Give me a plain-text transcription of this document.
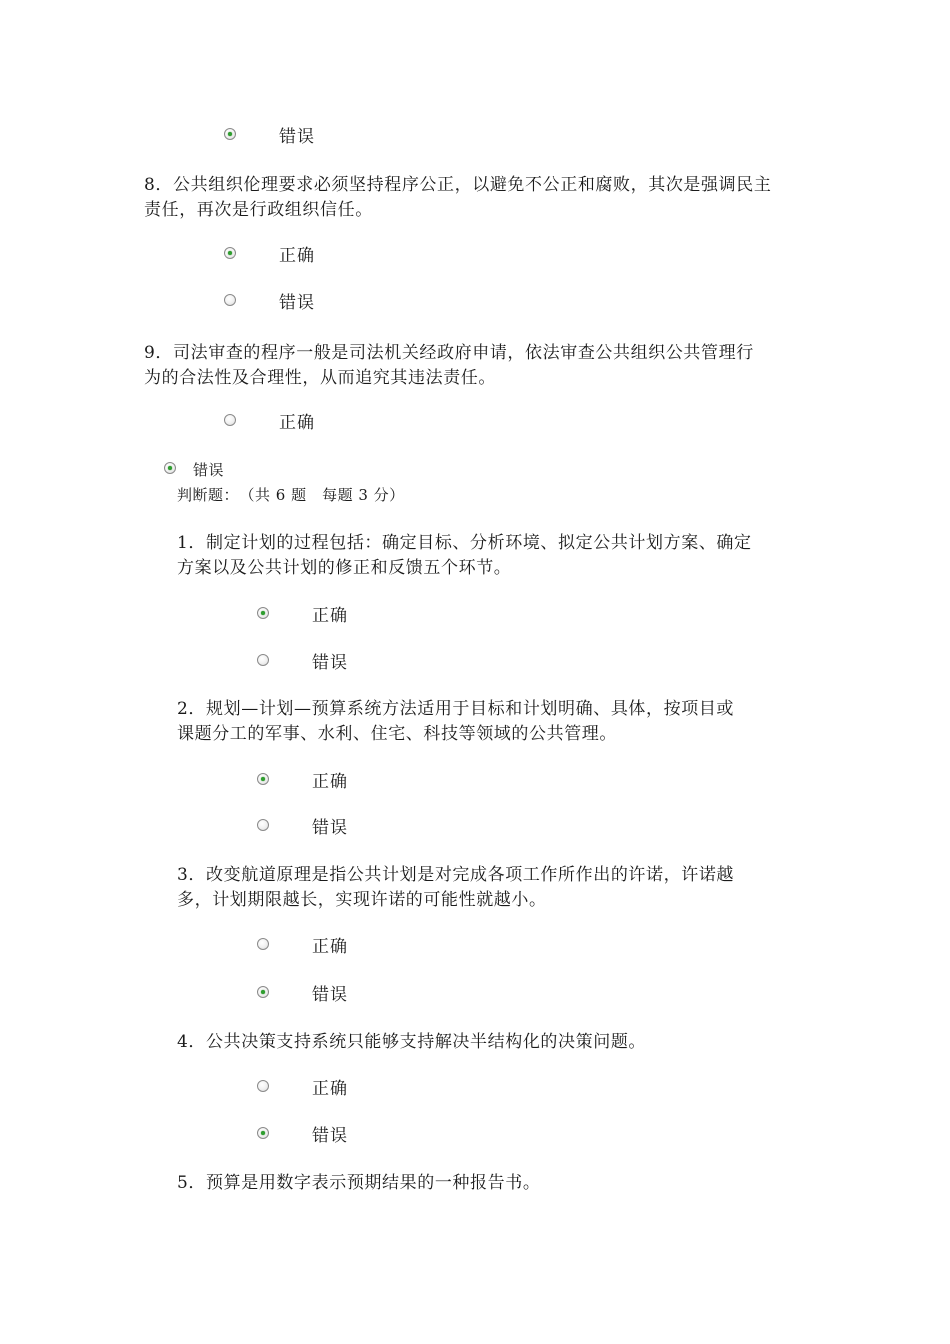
错误
8．公共组织伦理要求必须坚持程序公正，以避免不公正和腐败，其次是强调民主
责任，再次是行政组织信任。
正确
错误
9．司法审查的程序一般是司法机关经政府申请，依法审查公共组织公共管理行
为的合法性及合理性，从而追究其违法责任。
正确
错误
判断题：　（共 6 题　每题 3 分）
1．制定计划的过程包括：确定目标、分析环境、拟定公共计划方案、确定
方案以及公共计划的修正和反馈五个环节。
正确
错误
2．规划—计划—预算系统方法适用于目标和计划明确、具体，按项目或
课题分工的军事、水利、住宅、科技等领域的公共管理。
正确
错误
3．改变航道原理是指公共计划是对完成各项工作所作出的许诺，许诺越
多，计划期限越长，实现许诺的可能性就越小。
正确
错误
4．公共决策支持系统只能够支持解决半结构化的决策问题。
正确
错误
5．预算是用数字表示预期结果的一种报告书。
